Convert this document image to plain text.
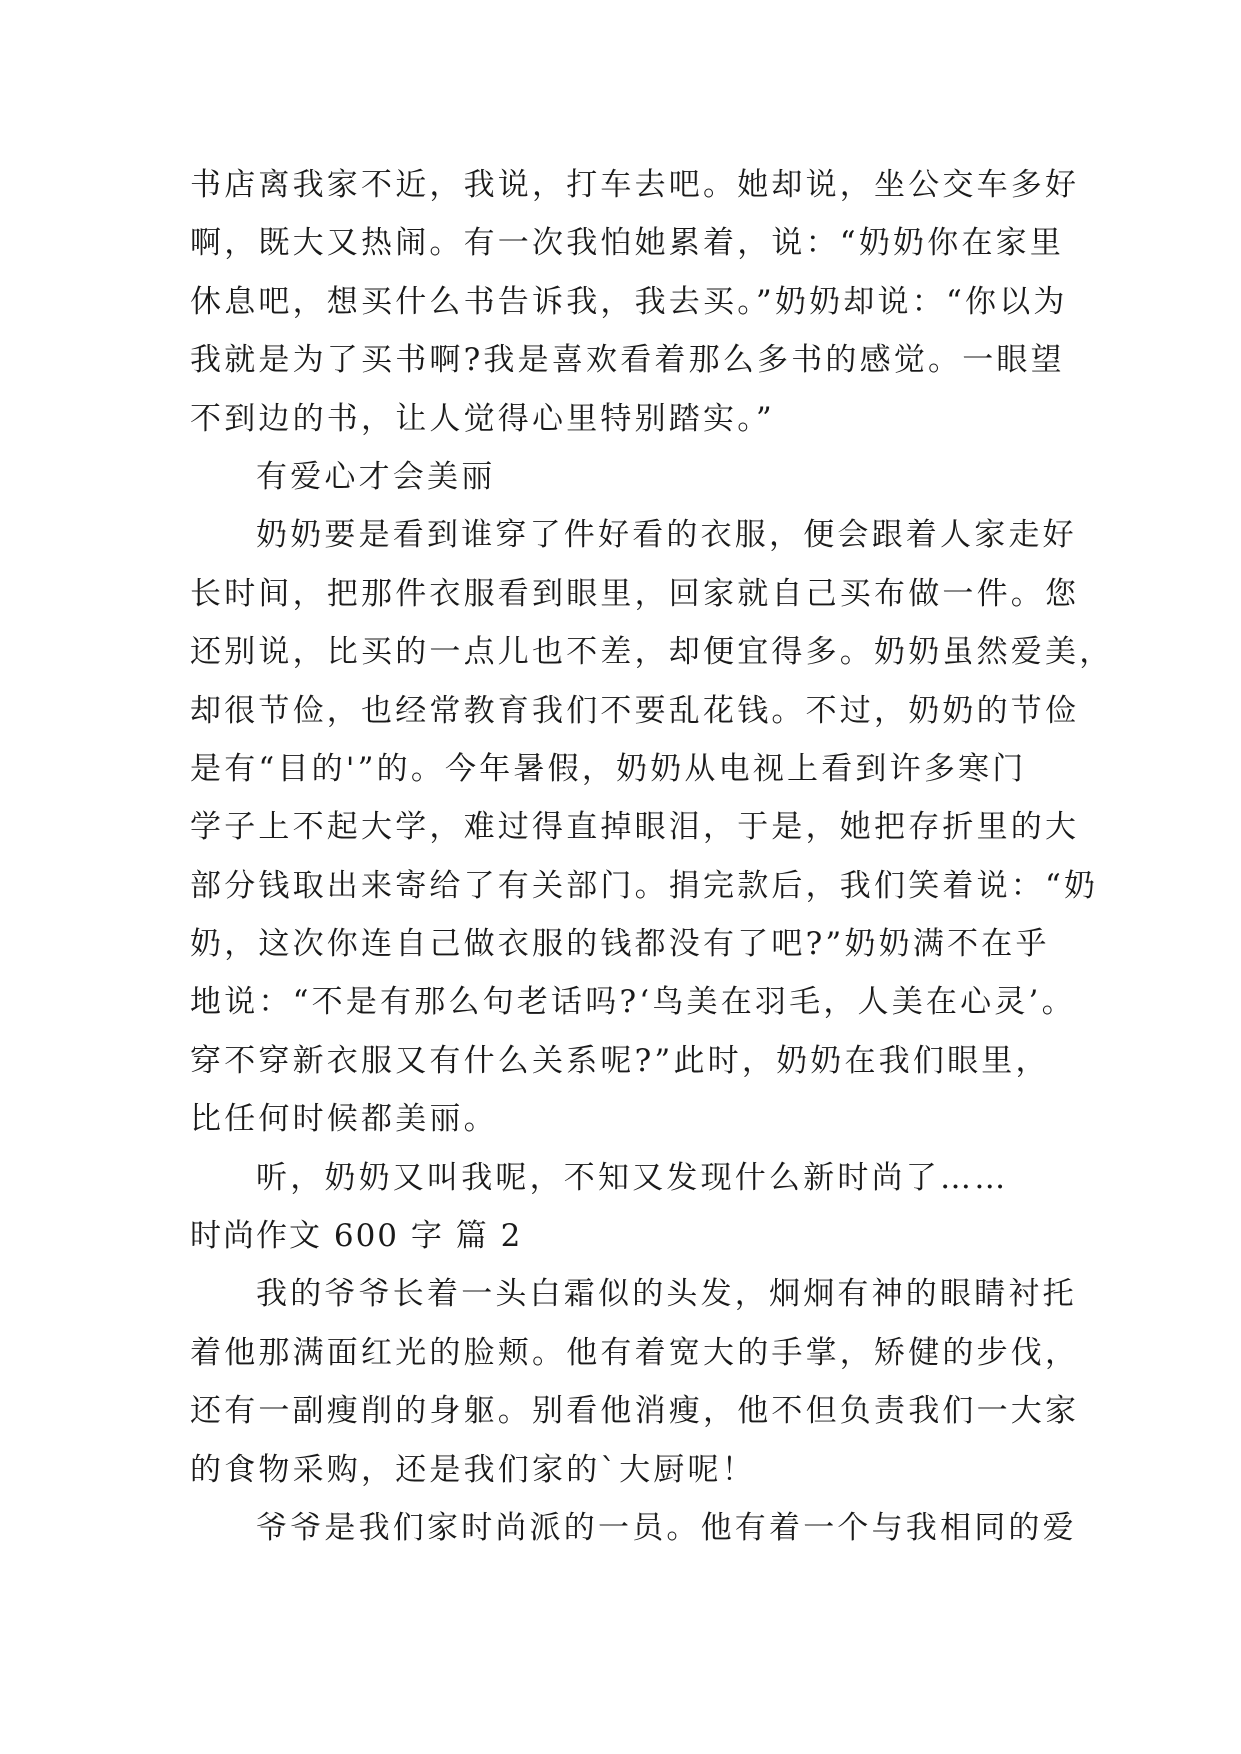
书店离我家不近，我说，打车去吧。她却说，坐公交车多好
啊，既大又热闹。有一次我怕她累着，说：“奶奶你在家里
休息吧，想买什么书告诉我，我去买。”奶奶却说：“你以为
我就是为了买书啊?我是喜欢看着那么多书的感觉。一眼望
不到边的书，让人觉得心里特别踏实。”
有爱心才会美丽
奶奶要是看到谁穿了件好看的衣服，便会跟着人家走好
长时间，把那件衣服看到眼里，回家就自己买布做一件。您
还别说，比买的一点儿也不差，却便宜得多。奶奶虽然爱美，
却很节俭，也经常教育我们不要乱花钱。不过，奶奶的节俭
是有“目的'”的。今年暑假，奶奶从电视上看到许多寒门
学子上不起大学，难过得直掉眼泪，于是，她把存折里的大
部分钱取出来寄给了有关部门。捐完款后，我们笑着说：“奶
奶，这次你连自己做衣服的钱都没有了吧?”奶奶满不在乎
地说：“不是有那么句老话吗?‘鸟美在羽毛，人美在心灵’。
穿不穿新衣服又有什么关系呢?”此时，奶奶在我们眼里，
比任何时候都美丽。
听，奶奶又叫我呢，不知又发现什么新时尚了……
时尚作文 600 字 篇 2
我的爷爷长着一头白霜似的头发，炯炯有神的眼睛衬托
着他那满面红光的脸颊。他有着宽大的手掌，矫健的步伐，
还有一副瘦削的身躯。别看他消瘦，他不但负责我们一大家
的食物采购，还是我们家的`大厨呢！
爷爷是我们家时尚派的一员。他有着一个与我相同的爱
